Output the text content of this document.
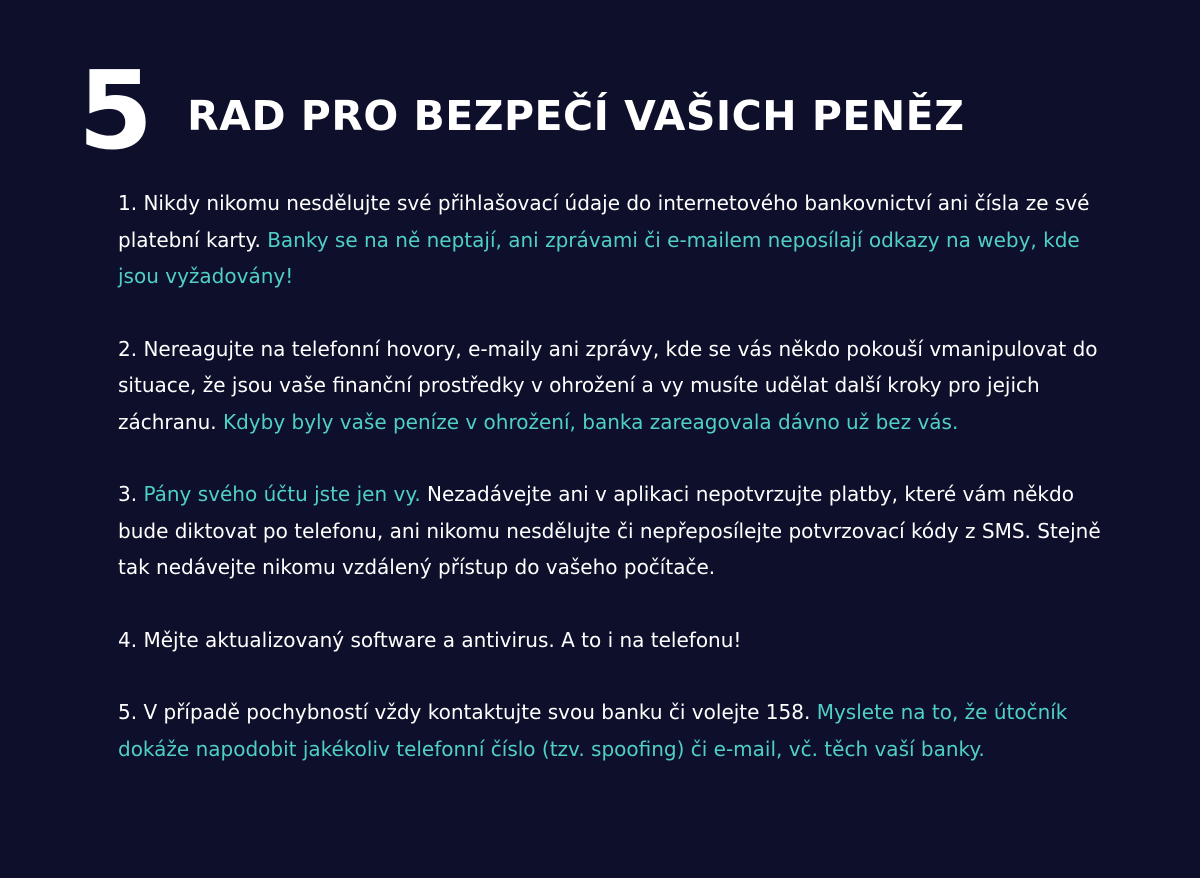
5 RAD PRO BEZPEČÍ VAŠICH PENĚZ

1. Nikdy nikomu nesdělujte své přihlašovací údaje do internetového bankovnictví ani čísla ze své platební karty. Banky se na ně neptají, ani zprávami či e-mailem neposílají odkazy na weby, kde jsou vyžadovány!

2. Nereagujte na telefonní hovory, e-maily ani zprávy, kde se vás někdo pokouší vmanipulovat do situace, že jsou vaše finanční prostředky v ohrožení a vy musíte udělat další kroky pro jejich záchranu. Kdyby byly vaše peníze v ohrožení, banka zareagovala dávno už bez vás.

3. Pány svého účtu jste jen vy. Nezadávejte ani v aplikaci nepotvrzujte platby, které vám někdo bude diktovat po telefonu, ani nikomu nesdělujte či nepřeposílejte potvrzovací kódy z SMS. Stejně tak nedávejte nikomu vzdálený přístup do vašeho počítače.

4. Mějte aktualizovaný software a antivirus. A to i na telefonu!

5. V případě pochybností vždy kontaktujte svou banku či volejte 158. Myslete na to, že útočník dokáže napodobit jakékoliv telefonní číslo (tzv. spoofing) či e-mail, vč. těch vaší banky.
